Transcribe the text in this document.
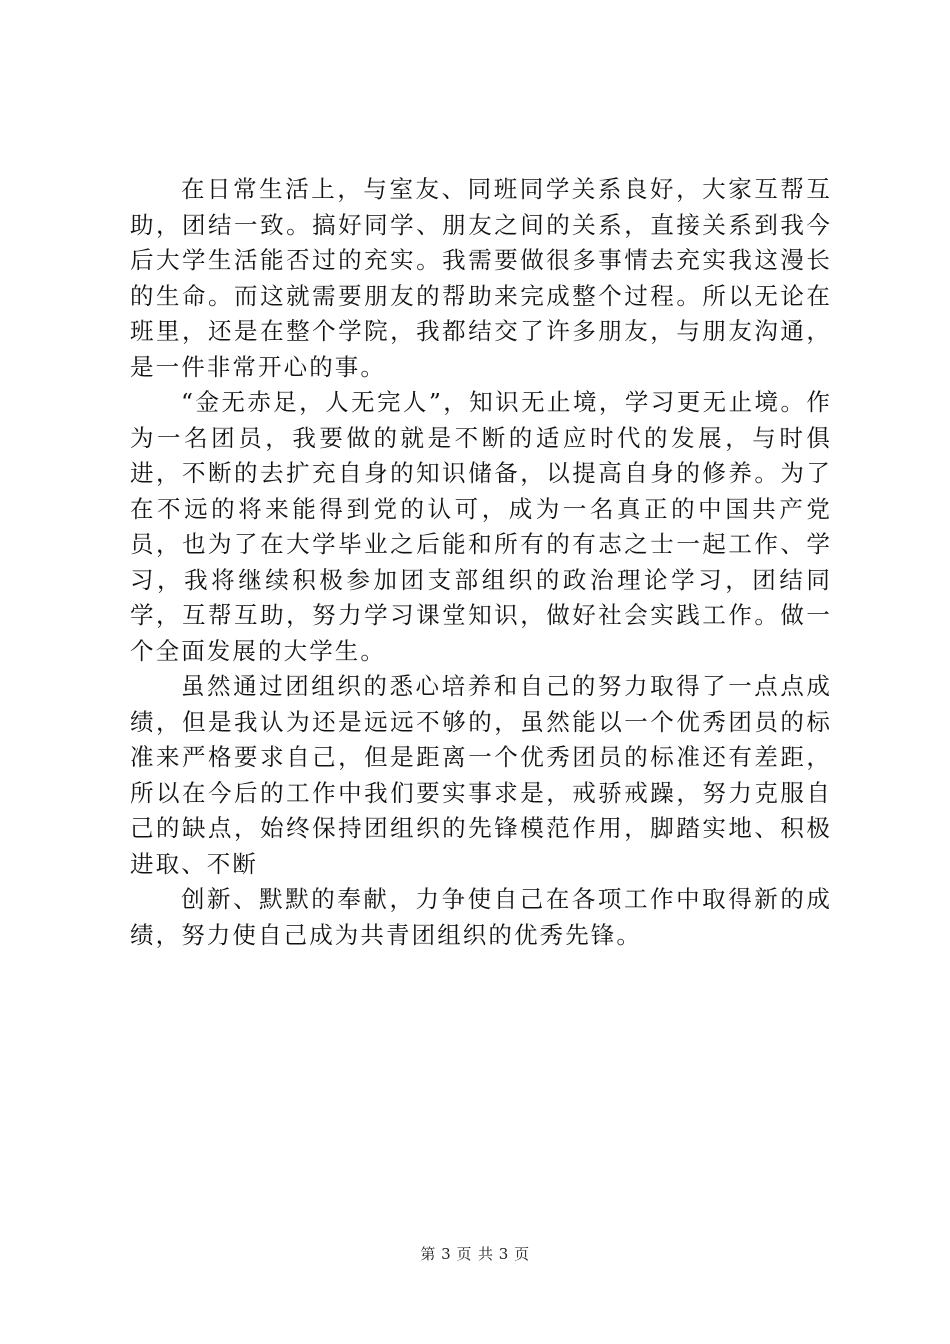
在日常生活上，与室友、同班同学关系良好，大家互帮互助，团结一致。搞好同学、朋友之间的关系，直接关系到我今后大学生活能否过的充实。我需要做很多事情去充实我这漫长的生命。而这就需要朋友的帮助来完成整个过程。所以无论在班里，还是在整个学院，我都结交了许多朋友，与朋友沟通，是一件非常开心的事。

“金无赤足，人无完人”，知识无止境，学习更无止境。作为一名团员，我要做的就是不断的适应时代的发展，与时俱进，不断的去扩充自身的知识储备，以提高自身的修养。为了在不远的将来能得到党的认可，成为一名真正的中国共产党员，也为了在大学毕业之后能和所有的有志之士一起工作、学习，我将继续积极参加团支部组织的政治理论学习，团结同学，互帮互助，努力学习课堂知识，做好社会实践工作。做一个全面发展的大学生。

虽然通过团组织的悉心培养和自己的努力取得了一点点成绩，但是我认为还是远远不够的，虽然能以一个优秀团员的标准来严格要求自己，但是距离一个优秀团员的标准还有差距，所以在今后的工作中我们要实事求是，戒骄戒躁，努力克服自己的缺点，始终保持团组织的先锋模范作用，脚踏实地、积极进取、不断

创新、默默的奉献，力争使自己在各项工作中取得新的成绩，努力使自己成为共青团组织的优秀先锋。

第 3 页 共 3 页
